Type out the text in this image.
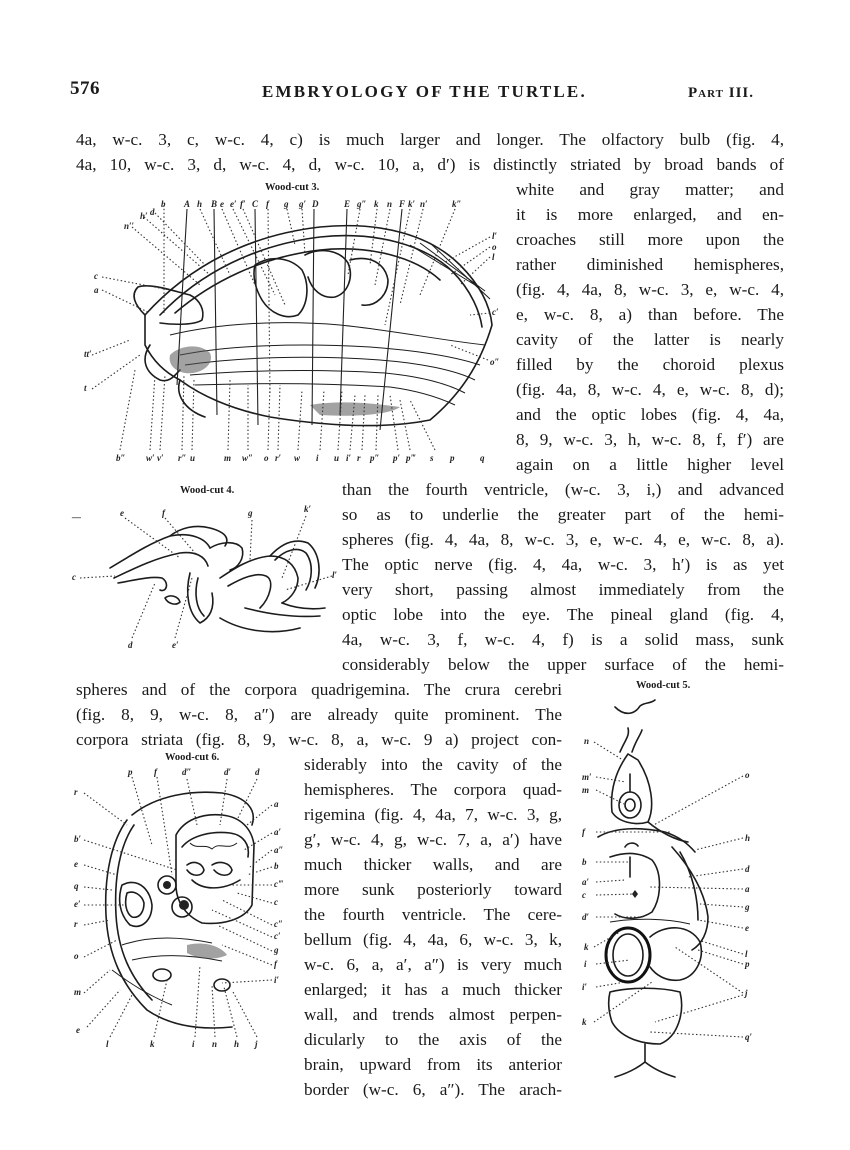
576	EMBRYOLOGY OF THE TURTLE.	Part III.
4a, w-c. 3, c, w-c. 4, c) is much larger and longer. The olfactory bulb (fig. 4,
4a, 10, w-c. 3, d, w-c. 4, d, w-c. 10, a, d′) is distinctly striated by broad bands of
white and gray matter; and
it is more enlarged, and en-
croaches still more upon the
rather diminished hemispheres,
(fig. 4, 4a, 8, w-c. 3, e, w-c. 4,
e, w-c. 8, a) than before. The
cavity of the latter is nearly
filled by the choroid plexus
(fig. 4a, 8, w-c. 4, e, w-c. 8, d);
and the optic lobes (fig. 4, 4a,
8, 9, w-c. 3, h, w-c. 8, f, f′) are
again on a little higher level
than the fourth ventricle, (w-c. 3, i,) and advanced
so as to underlie the greater part of the hemi-
spheres (fig. 4, 4a, 8, w-c. 3, e, w-c. 4, e, w-c. 8, a).
The optic nerve (fig. 4, 4a, w-c. 3, h′) is as yet
very short, passing almost immediately from the
optic lobe into the eye. The pineal gland (fig. 4,
4a, w-c. 3, f, w-c. 4, f) is a solid mass, sunk
considerably below the upper surface of the hemi-
spheres and of the corpora quadrigemina. The crura cerebri
(fig. 8, 9, w-c. 8, a″) are already quite prominent. The
corpora striata (fig. 8, 9, w-c. 8, a, w-c. 9 a) project con-
siderably into the cavity of the
hemispheres. The corpora quad-
rigemina (fig. 4, 4a, 7, w-c. 3, g,
g′, w-c. 4, g, w-c. 7, a, a′) have
much thicker walls, and are
more sunk posteriorly toward
the fourth ventricle. The cere-
bellum (fig. 4, 4a, 6, w-c. 3, k,
w-c. 6, a, a′, a″) is very much
enlarged; it has a much thicker
wall, and trends almost perpen-
dicularly to the axis of the
brain, upward from its anterior
border (w-c. 6, a″). The arach-
Wood-cut 3.
A h B e e′ f′ C f g g′ D	E g″ k n F k′ n′	k″
n′′
h′ d
b
c
a
tt′
t
l′
o
l
c′
o″
b″ w′ v′ r″ u	m w″ o r′ w i u i′ r p″ p′ p‴ s p	q
Wood-cut 4.
—	e	f	g	k′
c	l′
d	e′
Wood-cut 6.
p f	d″	d′	d
r
b′
e
q
e′
r
o
m
e
a
a′
a″
b
c‴
c
c″
c′
g
f
i′
l	k	i n h j
Wood-cut 5.
n
m′
m
f
b
a′
c
d′
k
i
i′
k
o
h
d
a
g
e
l
p
j
q′
